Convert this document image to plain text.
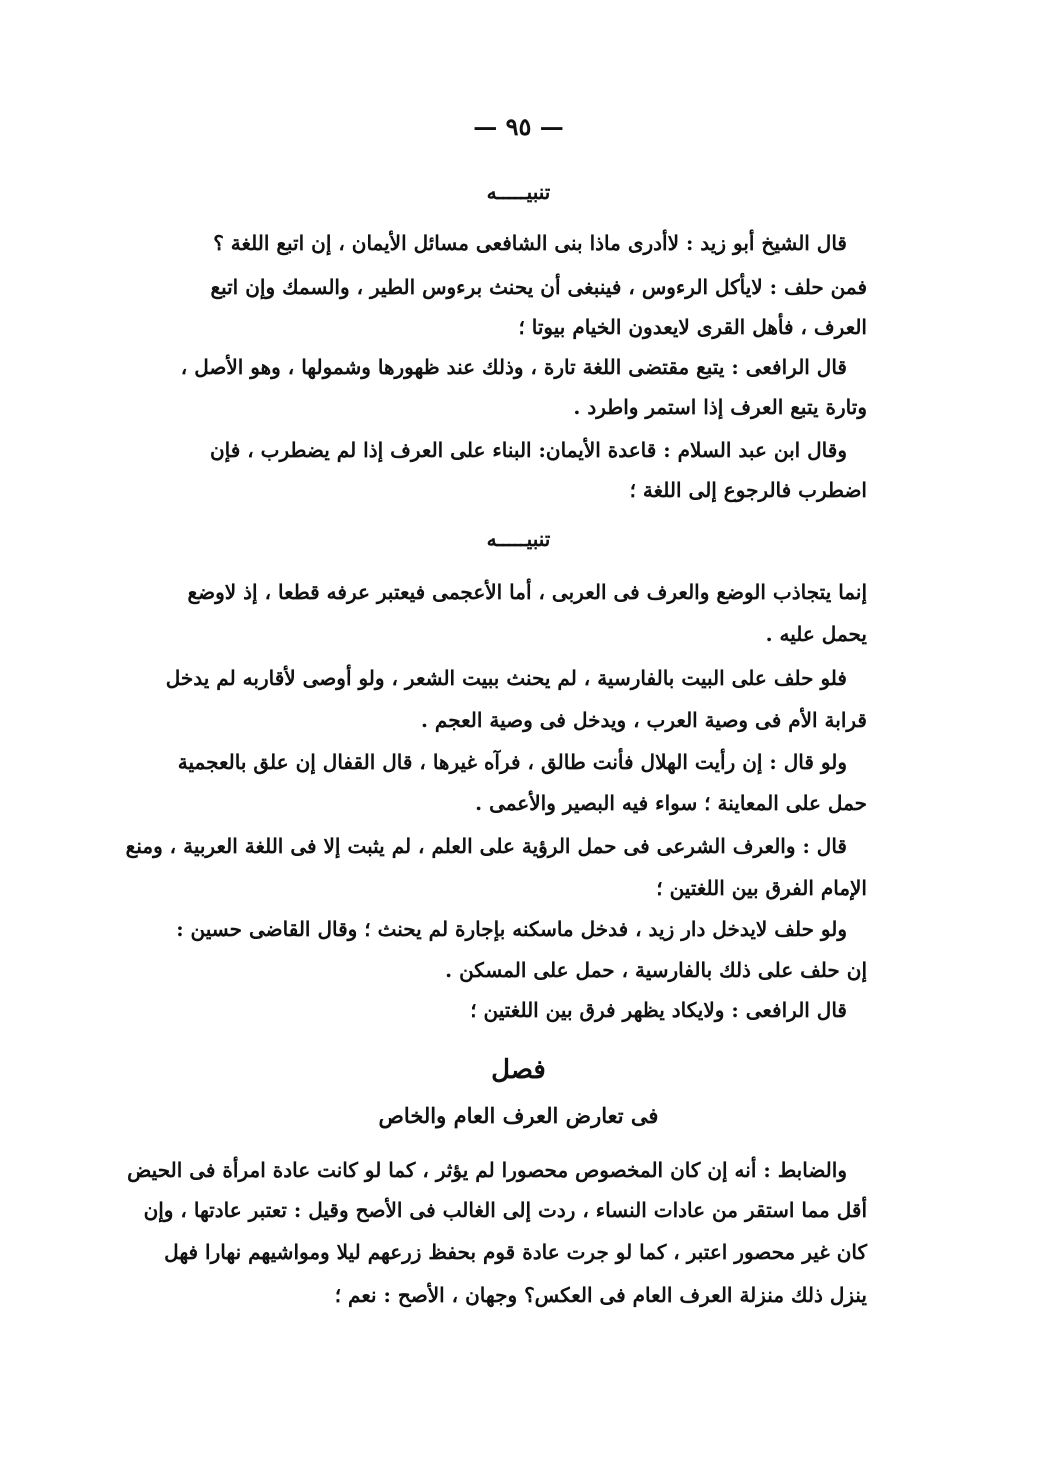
— ٩٥ —
تنبيـــــه
قال الشيخ أبو زيد : لاأدرى ماذا بنى الشافعى مسائل الأيمان ، إن اتبع اللغة ؟
فمن حلف : لايأكل الرءوس ، فينبغى أن يحنث برءوس الطير ، والسمك وإن اتبع
العرف ، فأهل القرى لايعدون الخيام بيوتا ؛
قال الرافعى : يتبع مقتضى اللغة تارة ، وذلك عند ظهورها وشمولها ، وهو الأصل ،
وتارة يتبع العرف إذا استمر واطرد .
وقال ابن عبد السلام : قاعدة الأيمان: البناء على العرف إذا لم يضطرب ، فإن
اضطرب فالرجوع إلى اللغة ؛
تنبيـــــه
إنما يتجاذب الوضع والعرف فى العربى ، أما الأعجمى فيعتبر عرفه قطعا ، إذ لاوضع
يحمل عليه .
فلو حلف على البيت بالفارسية ، لم يحنث ببيت الشعر ، ولو أوصى لأقاربه لم يدخل
قرابة الأم فى وصية العرب ، ويدخل فى وصية العجم .
ولو قال : إن رأيت الهلال فأنت طالق ، فرآه غيرها ، قال القفال إن علق بالعجمية
حمل على المعاينة ؛ سواء فيه البصير والأعمى .
قال : والعرف الشرعى فى حمل الرؤية على العلم ، لم يثبت إلا فى اللغة العربية ، ومنع
الإمام الفرق بين اللغتين ؛
ولو حلف لايدخل دار زيد ، فدخل ماسكنه بإجارة لم يحنث ؛ وقال القاضى حسين :
إن حلف على ذلك بالفارسية ، حمل على المسكن .
قال الرافعى : ولايكاد يظهر فرق بين اللغتين ؛
فصل
فى تعارض العرف العام والخاص
والضابط : أنه إن كان المخصوص محصورا لم يؤثر ، كما لو كانت عادة امرأة فى الحيض
أقل مما استقر من عادات النساء ، ردت إلى الغالب فى الأصح وقيل : تعتبر عادتها ، وإن
كان غير محصور اعتبر ، كما لو جرت عادة قوم بحفظ زرعهم ليلا ومواشيهم نهارا فهل
ينزل ذلك منزلة العرف العام فى العكس؟ وجهان ، الأصح : نعم ؛
